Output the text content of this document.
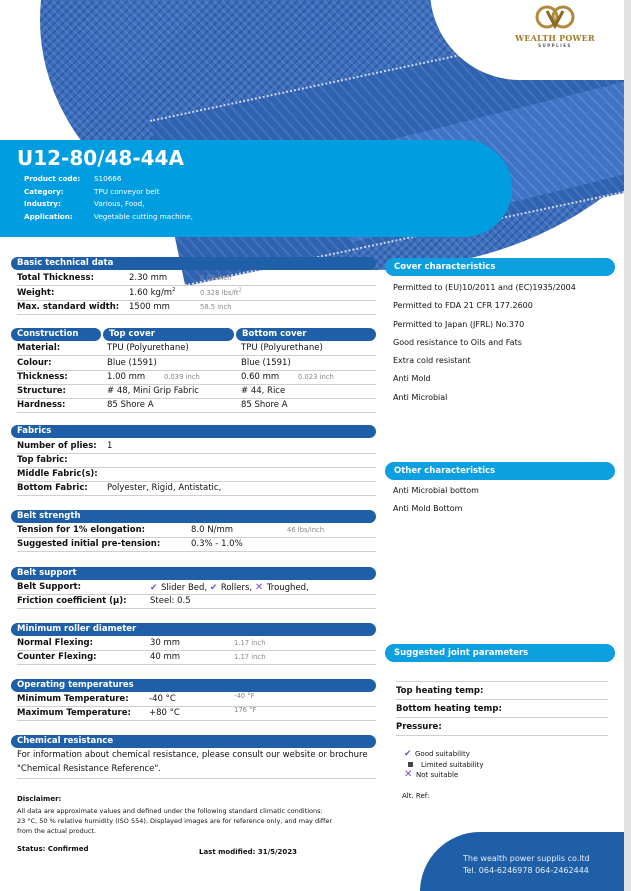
WEALTH POWER
SUPPLIES
U12-80/48-44A
Product code:	S10666
Category:	TPU conveyor belt
Industry:	Various, Food,
Application:	Vegetable cutting machine,
Basic technical data
Total Thickness:	2.30 mm	0.09 inch
Weight:	1.60 $kg/m^2$	0.328 lbs/$ft^2$
Max. standard width: 1500 mm	58.5 inch
Construction	Top cover	Bottom cover
Material:	TPU (Polyurethane)	TPU (Polyurethane)
Colour:	Blue (1591)	Blue (1591)
Thickness:	1.00 mm	0.039 inch	0.60 mm	0.023 inch
Structure:	# 48, Mini Grip Fabric	# 44, Rice
Hardness:	85 Shore A	85 Shore A
Fabrics
Number of plies: 1
Top fabric:
Middle Fabric(s):
Bottom Fabric: Polyester, Rigid, Antistatic,
Belt strength
Tension for 1% elongation:	8.0 N/mm	46 lbs/inch
Suggested initial pre-tension:	0.3% - 1.0%
Belt support
Belt Support:	✔ Slider Bed, ✔ Rollers, ✕ Troughed,
Friction coefficient (µ):	Steel: 0.5
Minimum roller diameter
Normal Flexing:	30 mm	1.17 inch
Counter Flexing:	40 mm	1.17 inch
Operating temperatures
Minimum Temperature: -40 °C	-40 °F
Maximum Temperature: +80 °C	176 °F
Chemical resistance
For information about chemical resistance, please consult our website or brochure "Chemical Resistance Reference".
Disclaimer:
All data are approximate values and defined under the following standard climatic conditions:
23 °C, 50 % relative humidity (ISO 554). Displayed images are for reference only, and may differ
from the actual product.
Status: Confirmed	Last modified: 31/5/2023
Cover characteristics
Permitted to (EU)10/2011 and (EC)1935/2004
Permitted to FDA 21 CFR 177.2600
Permitted to Japan (JFRL) No.370
Good resistance to Oils and Fats
Extra cold resistant
Anti Mold
Anti Microbial
Other characteristics
Anti Microbial bottom
Anti Mold Bottom
Suggested joint parameters
Top heating temp:
Bottom heating temp:
Pressure:
✔ Good suitability
Limited suitability
✕ Not suitable
Alt. Ref:
The wealth power supplis co.ltd
Tel. 064-6246978 064-2462444
